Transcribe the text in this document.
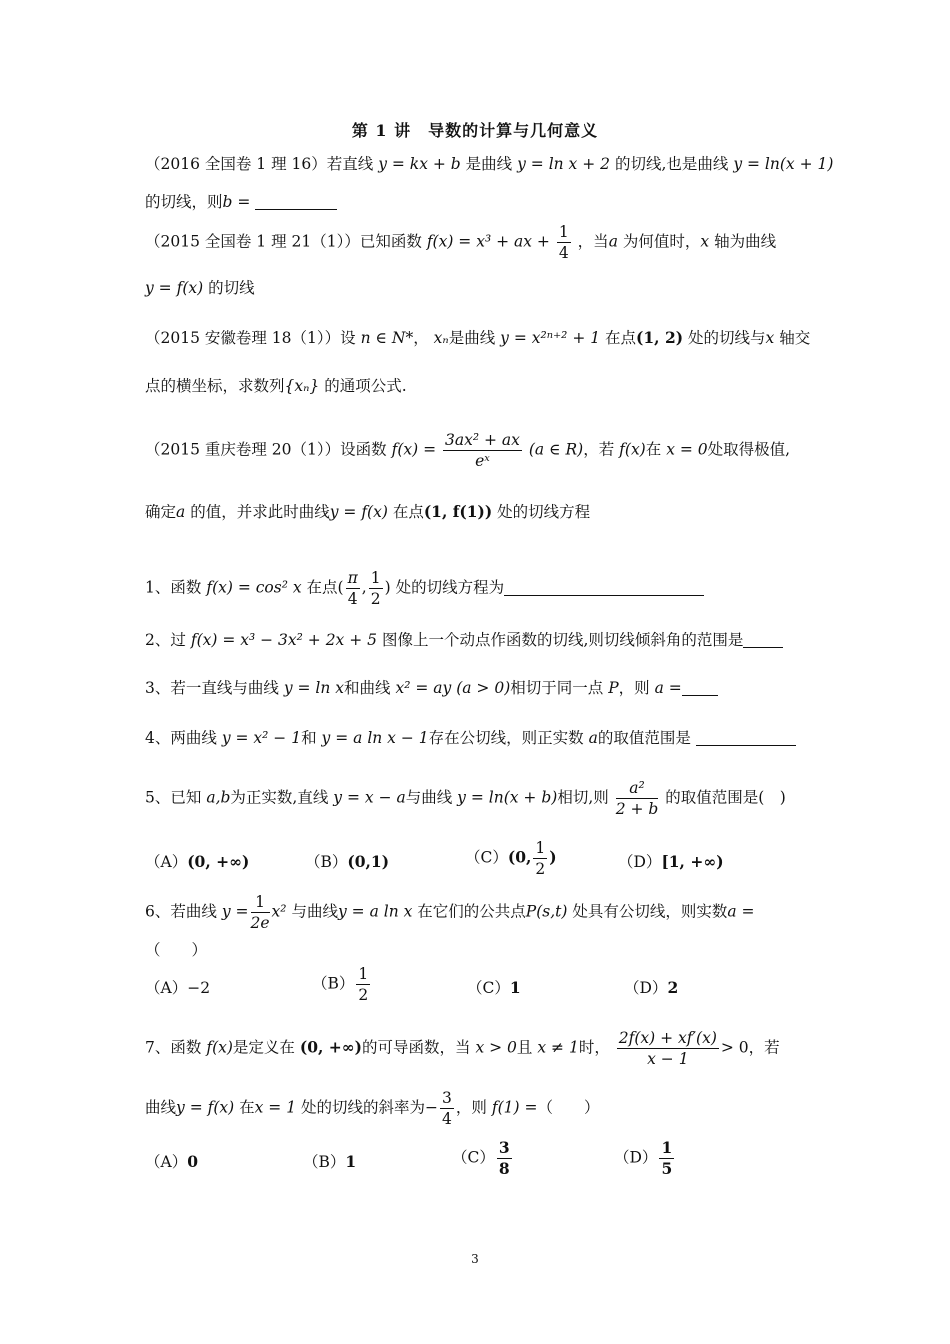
第 1 讲　导数的计算与几何意义
（2016 全国卷 1 理 16）若直线 y = kx + b 是曲线 y = ln x + 2 的切线,也是曲线 y = ln(x + 1)
的切线，则b =
（2015 全国卷 1 理 21（1））已知函数 f(x) = x³ + ax + $\frac{1}{4}$ ，当a 为何值时，x 轴为曲线
y = f(x) 的切线
（2015 安徽卷理 18（1））设 n ∈ N*， xₙ是曲线 y = x²ⁿ⁺² + 1 在点(1, 2) 处的切线与x 轴交
点的横坐标，求数列{xₙ} 的通项公式.
（2015 重庆卷理 20（1））设函数 $f(x) = \frac{\text{3ax² + ax}}{\text{eˣ}} (a$ ∈ R)，若 f(x)在 x = 0处取得极值,
确定a 的值，并求此时曲线y = f(x) 在点(1, f(1)) 处的切线方程
1、函数 f(x) = cos² x 在点( $\frac{\pi}{4}$ , $\frac{1}{2}$ ) 处的切线方程为
2、过 f(x) = x³ − 3x² + 2x + 5 图像上一个动点作函数的切线,则切线倾斜角的范围是
3、若一直线与曲线 y = ln x和曲线 x² = ay (a > 0)相切于同一点 P，则 a =
4、两曲线 y = x² − 1和 y = a ln x − 1存在公切线，则正实数 a的取值范围是
5、已知 a,b为正实数,直线 y = x − a与曲线 y = ln(x + b)相切,则 $\frac{\text{a²}}{2 + b}$ 的取值范围是(　)
（A）(0, +∞)	（B）(0,1)	（C）(0, $\frac{1}{2}$ )	（D）[1, +∞)
6、若曲线 $y = \frac{1}{2e} x^2$ 与曲线y = a ln x 在它们的公共点P(s,t) 处具有公切线，则实数a =
（　　）
（A）−2	$(B) \frac{1}{2}$	（C）1	（D）2
7、函数 f(x)是定义在 (0, +∞)的可导函数，当 x > 0且 x ≠ 1时， $\frac{2f(x) + xf'(x)}{x - 1} > 0$，若
曲线y = f(x) 在x = 1 处的切线的斜率为− $\frac{3}{4}$ ，则 f(1) =（　　）
（A）0	（B）1	$(C) \frac{3}{8}$	$(D) \frac{1}{5}$
3
